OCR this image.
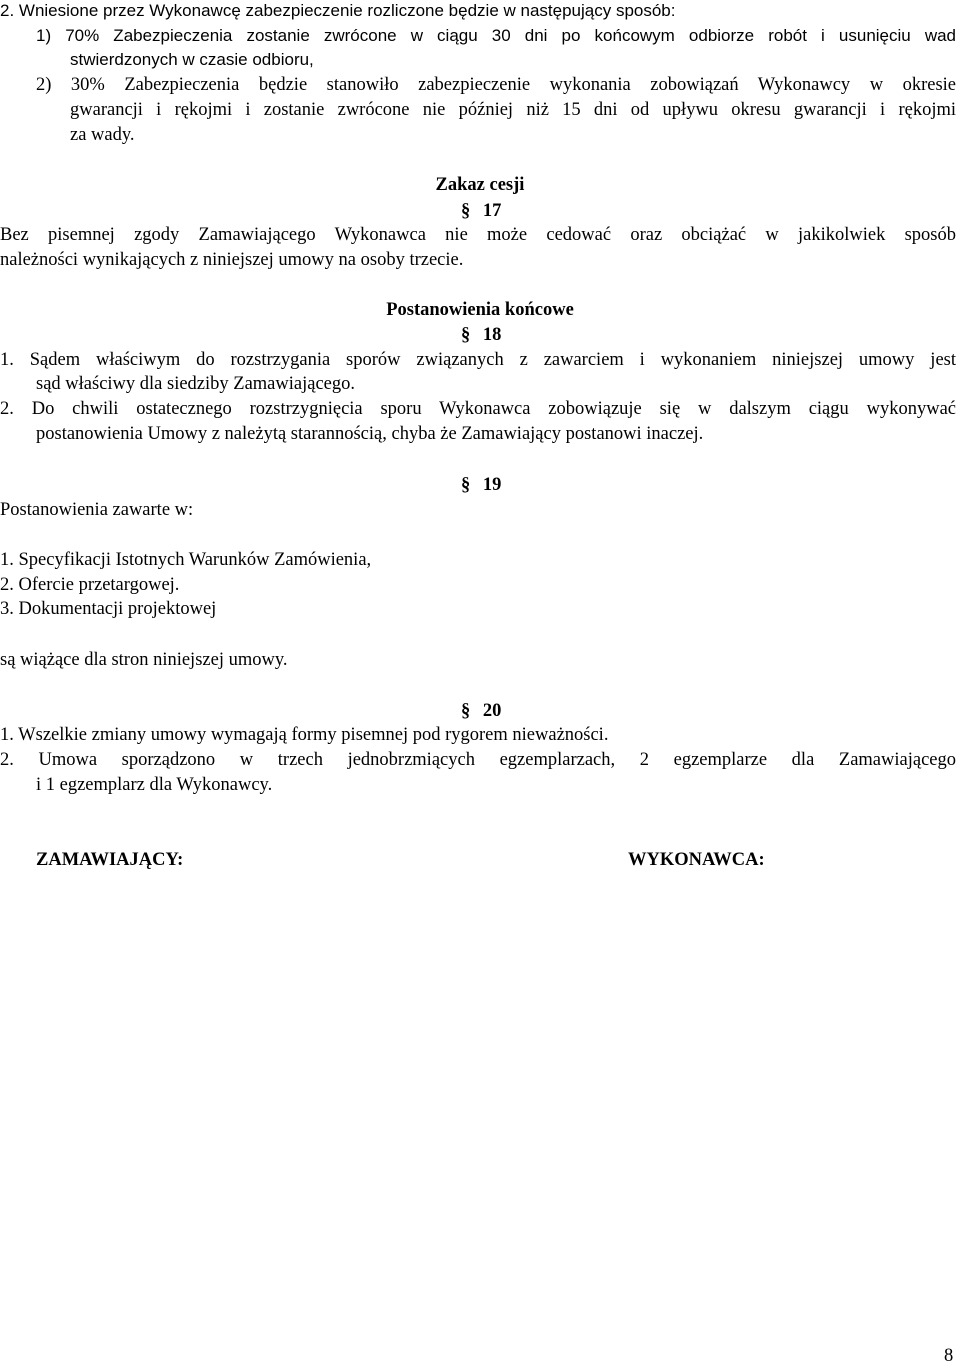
2. Wniesione przez Wykonawcę zabezpieczenie rozliczone będzie w następujący sposób:
1) 70% Zabezpieczenia zostanie zwrócone w ciągu 30 dni po końcowym odbiorze robót i usunięciu wad
stwierdzonych w czasie odbioru,
2) 30% Zabezpieczenia będzie stanowiło zabezpieczenie wykonania zobowiązań Wykonawcy w okresie
gwarancji i rękojmi i zostanie zwrócone nie później niż 15 dni od upływu okresu gwarancji i rękojmi
za wady.
Zakaz cesji
§ 17
Bez pisemnej zgody Zamawiającego Wykonawca nie może cedować oraz obciążać w jakikolwiek sposób
należności wynikających z niniejszej umowy na osoby trzecie.
Postanowienia końcowe
§ 18
1. Sądem właściwym do rozstrzygania sporów związanych z zawarciem i wykonaniem niniejszej umowy jest
sąd właściwy dla siedziby Zamawiającego.
2. Do chwili ostatecznego rozstrzygnięcia sporu Wykonawca zobowiązuje się w dalszym ciągu wykonywać
postanowienia Umowy z należytą starannością, chyba że Zamawiający postanowi inaczej.
§ 19
Postanowienia zawarte w:
1. Specyfikacji Istotnych Warunków Zamówienia,
2. Ofercie przetargowej.
3. Dokumentacji projektowej
są wiążące dla stron niniejszej umowy.
§ 20
1. Wszelkie zmiany umowy wymagają formy pisemnej pod rygorem nieważności.
2. Umowa sporządzono w trzech jednobrzmiących egzemplarzach, 2 egzemplarze dla Zamawiającego
i 1 egzemplarz dla Wykonawcy.
ZAMAWIAJĄCY:	WYKONAWCA:
8
